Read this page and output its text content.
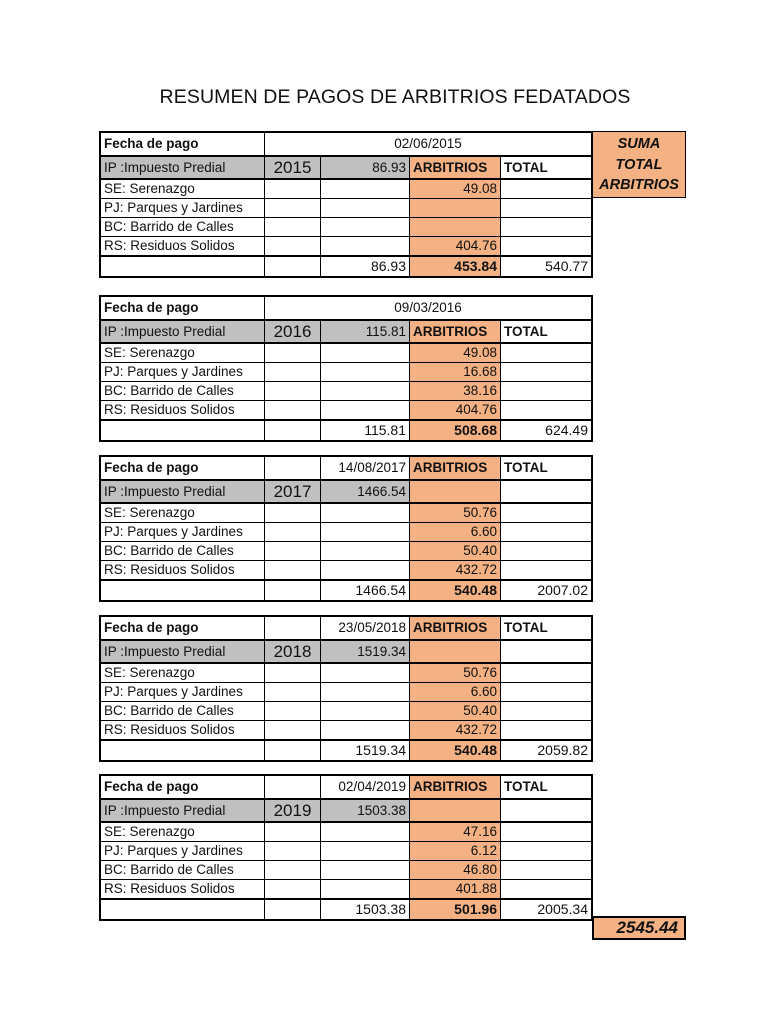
RESUMEN DE PAGOS DE ARBITRIOS FEDATADOS
Fecha de pago	02/06/2015			
IP :Impuesto Predial	2015	86.93	ARBITRIOS	TOTAL
SE: Serenazgo			49.08	
PJ: Parques y Jardines				
BC: Barrido de Calles				
RS: Residuos Solidos			404.76	
		86.93	453.84	540.77
SUMA
TOTAL
ARBITRIOS
Fecha de pago	09/03/2016			
IP :Impuesto Predial	2016	115.81	ARBITRIOS	TOTAL
SE: Serenazgo			49.08	
PJ: Parques y Jardines			16.68	
BC: Barrido de Calles			38.16	
RS: Residuos Solidos			404.76	
		115.81	508.68	624.49
Fecha de pago		14/08/2017	ARBITRIOS	TOTAL
IP :Impuesto Predial	2017	1466.54		
SE: Serenazgo			50.76	
PJ: Parques y Jardines			6.60	
BC: Barrido de Calles			50.40	
RS: Residuos Solidos			432.72	
		1466.54	540.48	2007.02
Fecha de pago		23/05/2018	ARBITRIOS	TOTAL
IP :Impuesto Predial	2018	1519.34		
SE: Serenazgo			50.76	
PJ: Parques y Jardines			6.60	
BC: Barrido de Calles			50.40	
RS: Residuos Solidos			432.72	
		1519.34	540.48	2059.82
Fecha de pago		02/04/2019	ARBITRIOS	TOTAL
IP :Impuesto Predial	2019	1503.38		
SE: Serenazgo			47.16	
PJ: Parques y Jardines			6.12	
BC: Barrido de Calles			46.80	
RS: Residuos Solidos			401.88	
		1503.38	501.96	2005.34
2545.44
